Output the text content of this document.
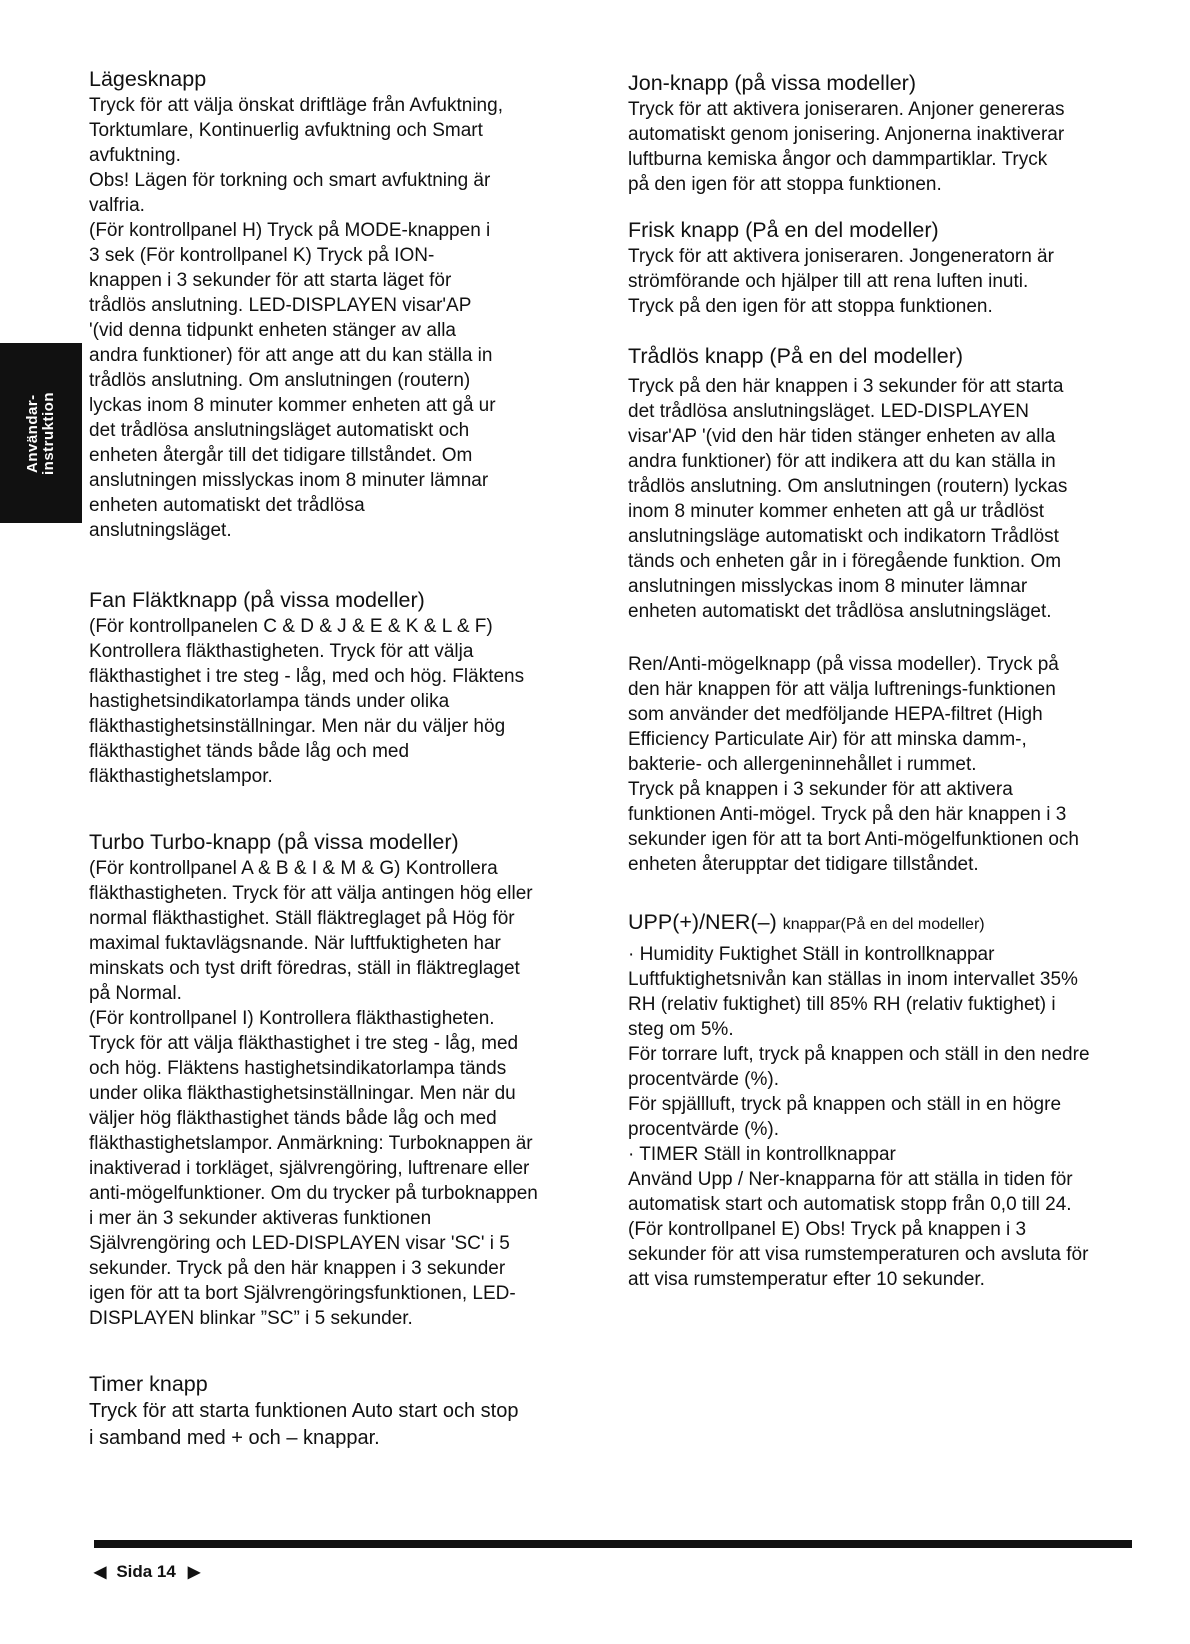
Användar-
instruktion
Lägesknapp

Tryck för att välja önskat driftläge från Avfuktning,
Torktumlare, Kontinuerlig avfuktning och Smart
avfuktning.

Obs! Lägen för torkning och smart avfuktning är
valfria.

(För kontrollpanel H) Tryck på MODE-knappen i
3 sek (För kontrollpanel K) Tryck på ION-
knappen i 3 sekunder för att starta läget för
trådlös anslutning. LED-DISPLAYEN visar'AP
'(vid denna tidpunkt enheten stänger av alla
andra funktioner) för att ange att du kan ställa in
trådlös anslutning. Om anslutningen (routern)
lyckas inom 8 minuter kommer enheten att gå ur
det trådlösa anslutningsläget automatiskt och
enheten återgår till det tidigare tillståndet. Om
anslutningen misslyckas inom 8 minuter lämnar
enheten automatiskt det trådlösa
anslutningsläget.

Fan Fläktknapp (på vissa modeller)

(För kontrollpanelen C & D & J & E & K & L & F)
Kontrollera fläkthastigheten. Tryck för att välja
fläkthastighet i tre steg - låg, med och hög. Fläktens
hastighetsindikatorlampa tänds under olika
fläkthastighetsinställningar. Men när du väljer hög
fläkthastighet tänds både låg och med
fläkthastighetslampor.

Turbo Turbo-knapp (på vissa modeller)

(För kontrollpanel A & B & I & M & G) Kontrollera
fläkthastigheten. Tryck för att välja antingen hög eller
normal fläkthastighet. Ställ fläktreglaget på Hög för
maximal fuktavlägsnande. När luftfuktigheten har
minskats och tyst drift föredras, ställ in fläktreglaget
på Normal.

(För kontrollpanel I) Kontrollera fläkthastigheten.
Tryck för att välja fläkthastighet i tre steg - låg, med
och hög. Fläktens hastighetsindikatorlampa tänds
under olika fläkthastighetsinställningar. Men när du
väljer hög fläkthastighet tänds både låg och med
fläkthastighetslampor. Anmärkning: Turboknappen är
inaktiverad i torkläget, självrengöring, luftrenare eller
anti-mögelfunktioner. Om du trycker på turboknappen
i mer än 3 sekunder aktiveras funktionen
Självrengöring och LED-DISPLAYEN visar 'SC' i 5
sekunder. Tryck på den här knappen i 3 sekunder
igen för att ta bort Självrengöringsfunktionen, LED-
DISPLAYEN blinkar ”SC” i 5 sekunder.

Timer knapp

Tryck för att starta funktionen Auto start och stop
i samband med + och – knappar.

Jon-knapp (på vissa modeller)

Tryck för att aktivera joniseraren. Anjoner genereras
automatiskt genom jonisering. Anjonerna inaktiverar
luftburna kemiska ångor och dammpartiklar. Tryck
på den igen för att stoppa funktionen.

Frisk knapp (På en del modeller)

Tryck för att aktivera joniseraren. Jongeneratorn är
strömförande och hjälper till att rena luften inuti.
Tryck på den igen för att stoppa funktionen.

Trådlös knapp (På en del modeller)

Tryck på den här knappen i 3 sekunder för att starta
det trådlösa anslutningsläget. LED-DISPLAYEN
visar'AP '(vid den här tiden stänger enheten av alla
andra funktioner) för att indikera att du kan ställa in
trådlös anslutning. Om anslutningen (routern) lyckas
inom 8 minuter kommer enheten att gå ur trådlöst
anslutningsläge automatiskt och indikatorn Trådlöst
tänds och enheten går in i föregående funktion. Om
anslutningen misslyckas inom 8 minuter lämnar
enheten automatiskt det trådlösa anslutningsläget.

Ren/Anti-mögelknapp (på vissa modeller). Tryck på
den här knappen för att välja luftrenings-funktionen
som använder det medföljande HEPA-filtret (High
Efficiency Particulate Air) för att minska damm-,
bakterie- och allergeninnehållet i rummet.
Tryck på knappen i 3 sekunder för att aktivera
funktionen Anti-mögel. Tryck på den här knappen i 3
sekunder igen för att ta bort Anti-mögelfunktionen och
enheten återupptar det tidigare tillståndet.

UPP(+)/NER(–) knappar(På en del modeller)

· Humidity Fuktighet Ställ in kontrollknappar
Luftfuktighetsnivån kan ställas in inom intervallet 35%
RH (relativ fuktighet) till 85% RH (relativ fuktighet) i
steg om 5%.
För torrare luft, tryck på knappen och ställ in den nedre
procentvärde (%).
För spjällluft, tryck på knappen och ställ in en högre
procentvärde (%).
· TIMER Ställ in kontrollknappar
Använd Upp / Ner-knapparna för att ställa in tiden för
automatisk start och automatisk stopp från 0,0 till 24.
(För kontrollpanel E) Obs! Tryck på knappen i 3
sekunder för att visa rumstemperaturen och avsluta för
att visa rumstemperatur efter 10 sekunder.

◀ Sida 14 ▶
